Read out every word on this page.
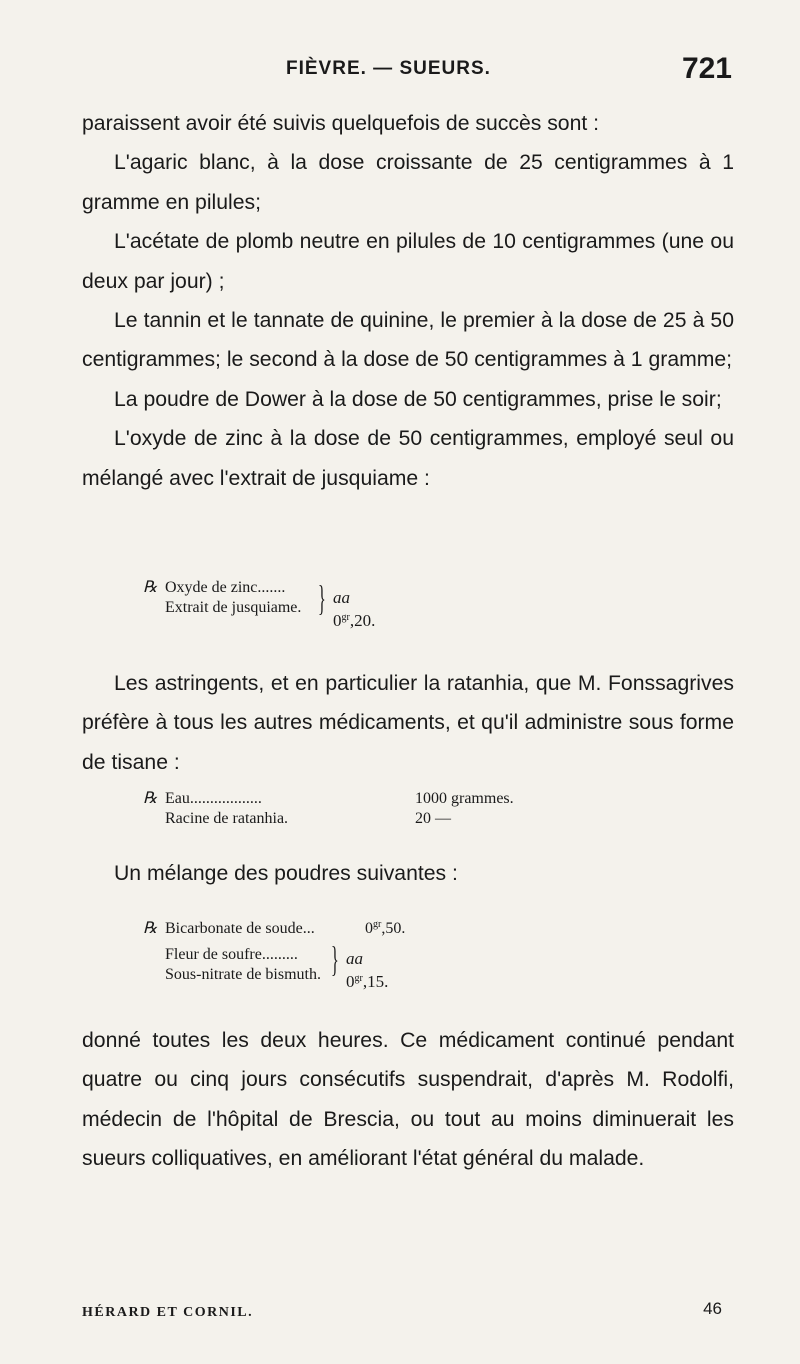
FIÈVRE. — SUEURS.	721

paraissent avoir été suivis quelquefois de succès sont :

L'agaric blanc, à la dose croissante de 25 centigrammes à 1 gramme en pilules;

L'acétate de plomb neutre en pilules de 10 centigrammes (une ou deux par jour) ;

Le tannin et le tannate de quinine, le premier à la dose de 25 à 50 centigrammes; le second à la dose de 50 centigrammes à 1 gramme;

La poudre de Dower à la dose de 50 centigrammes, prise le soir;

L'oxyde de zinc à la dose de 50 centigrammes, employé seul ou mélangé avec l'extrait de jusquiame :

℞ Oxyde de zinc.......
Extrait de jusquiame. } aa $0^{gr},20$.

Les astringents, et en particulier la ratanhia, que M. Fonssagrives préfère à tous les autres médicaments, et qu'il administre sous forme de tisane :

℞ Eau..................	1000 grammes.
Racine de ratanhia.	20 —

Un mélange des poudres suivantes :

℞ Bicarbonate de soude...	$0^{gr},50$.
Fleur de soufre.........
Sous-nitrate de bismuth. } aa $0^{gr},15$.

donné toutes les deux heures. Ce médicament continué pendant quatre ou cinq jours consécutifs suspendrait, d'après M. Rodolfi, médecin de l'hôpital de Brescia, ou tout au moins diminuerait les sueurs colliquatives, en améliorant l'état général du malade.

HÉRARD ET CORNIL.	46
